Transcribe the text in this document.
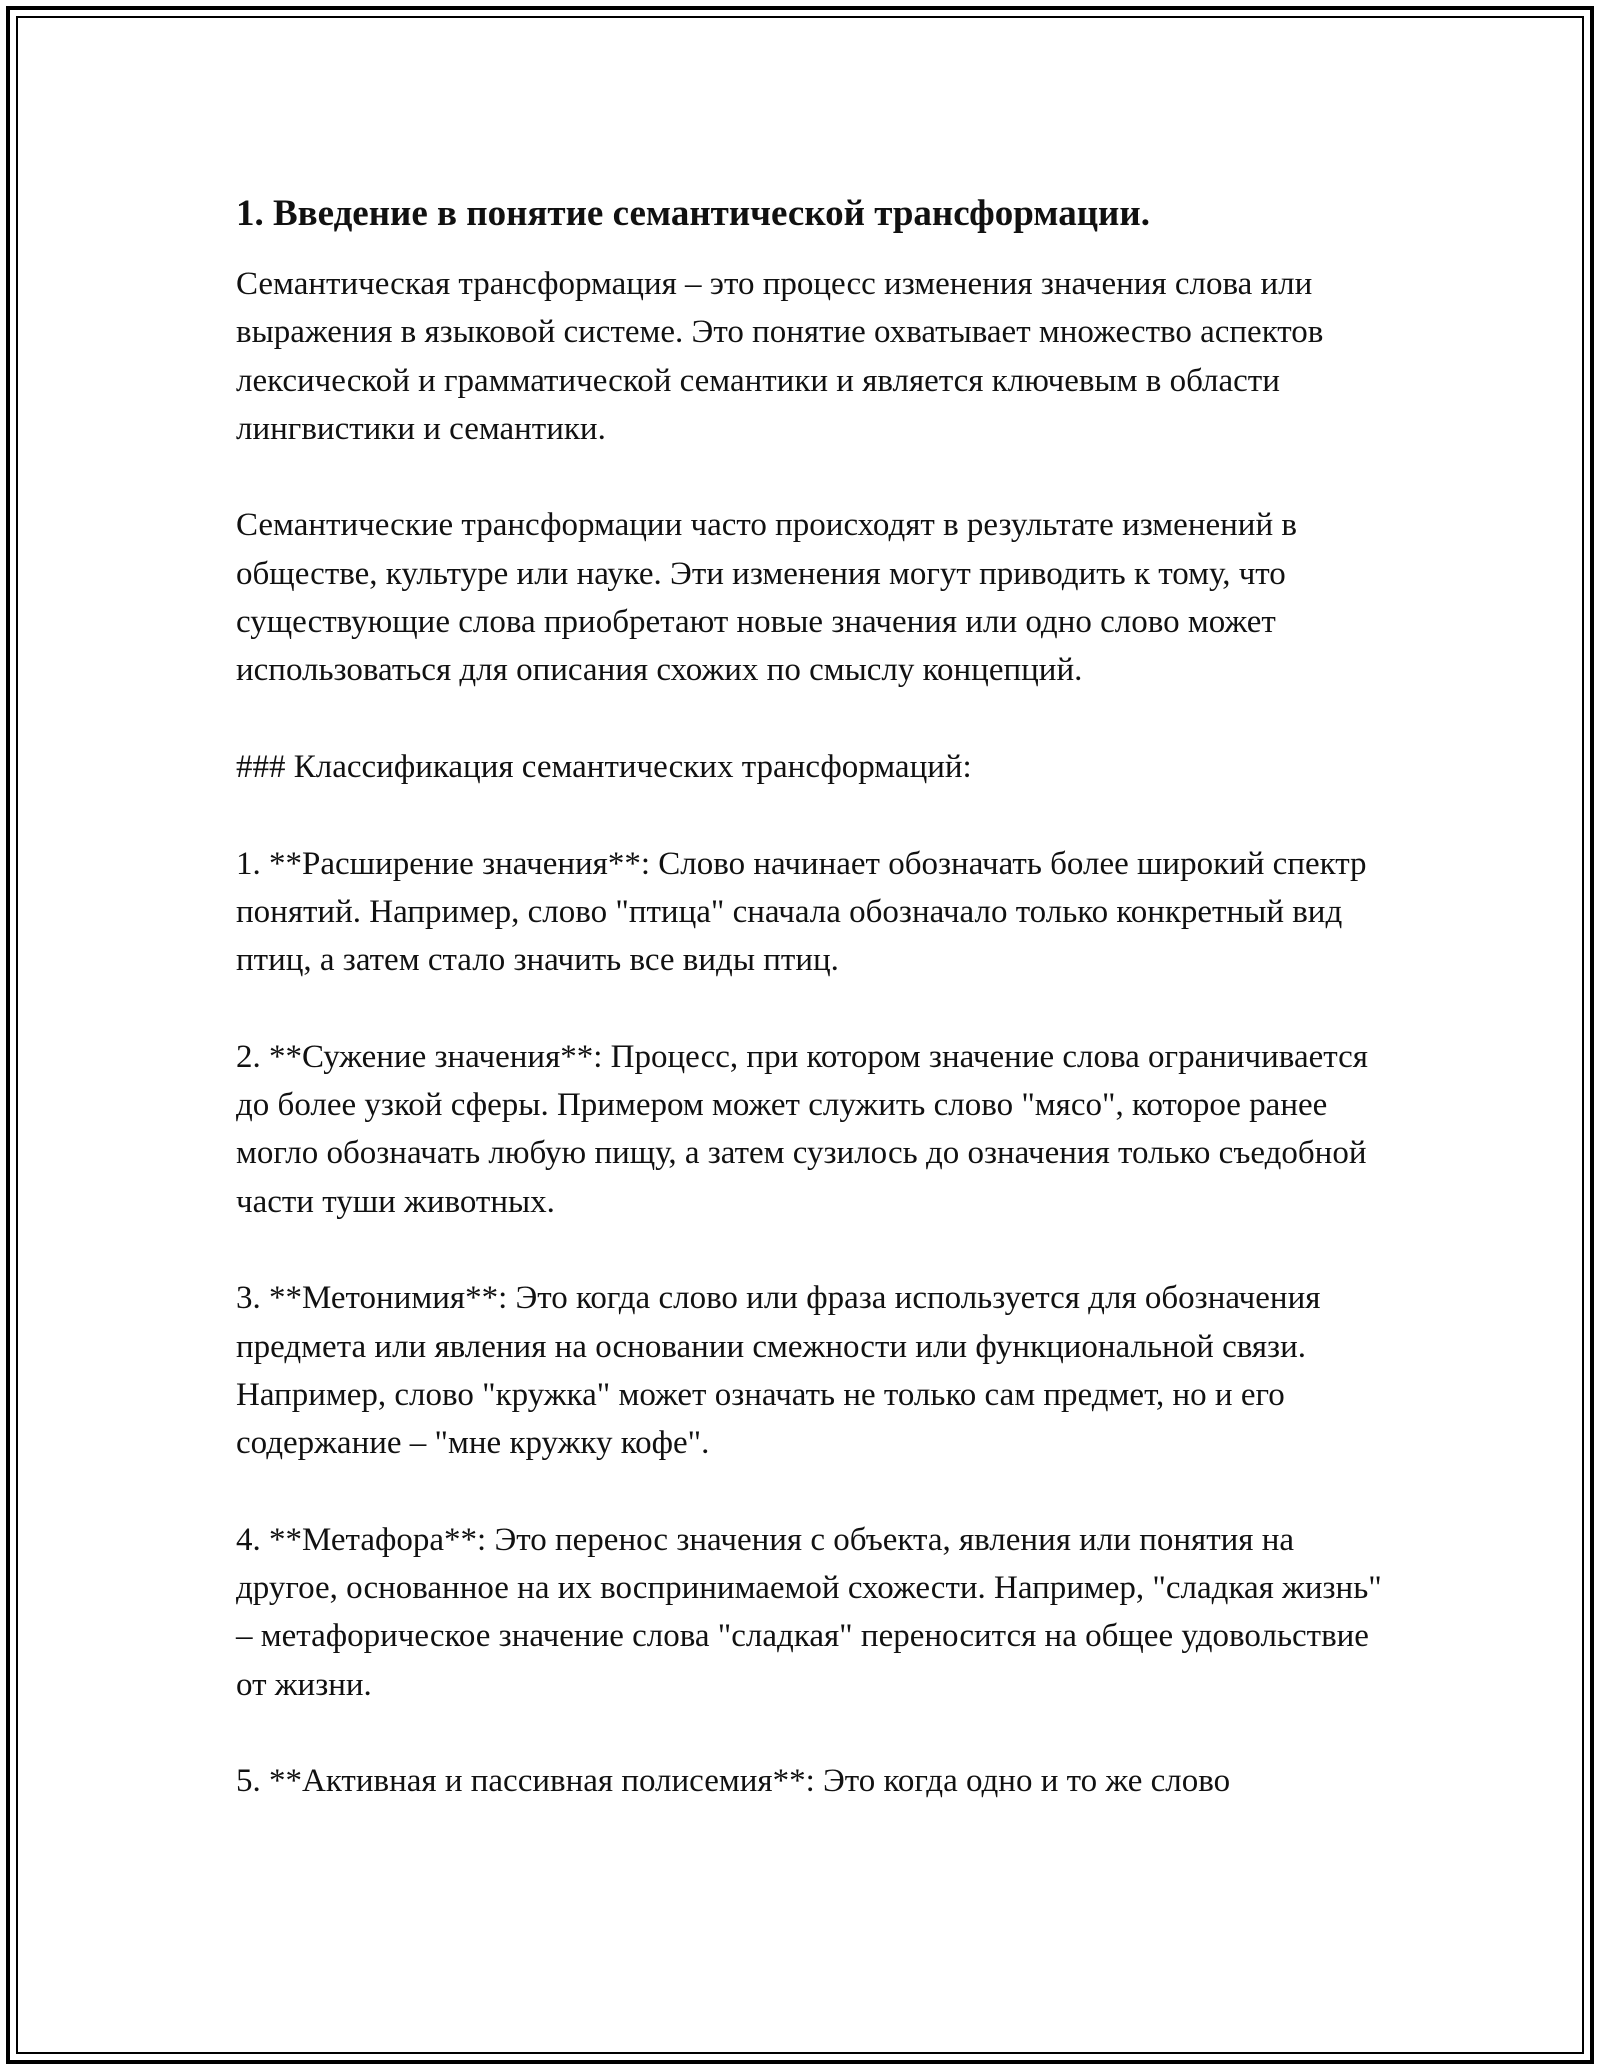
1. Введение в понятие семантической трансформации.

Семантическая трансформация – это процесс изменения значения слова или выражения в языковой системе. Это понятие охватывает множество аспектов лексической и грамматической семантики и является ключевым в области лингвистики и семантики.

Семантические трансформации часто происходят в результате изменений в обществе, культуре или науке. Эти изменения могут приводить к тому, что существующие слова приобретают новые значения или одно слово может использоваться для описания схожих по смыслу концепций.

### Классификация семантических трансформаций:

1. **Расширение значения**: Слово начинает обозначать более широкий спектр понятий. Например, слово "птица" сначала обозначало только конкретный вид птиц, а затем стало значить все виды птиц.

2. **Сужение значения**: Процесс, при котором значение слова ограничивается до более узкой сферы. Примером может служить слово "мясо", которое ранее могло обозначать любую пищу, а затем сузилось до означения только съедобной части туши животных.

3. **Метонимия**: Это когда слово или фраза используется для обозначения предмета или явления на основании смежности или функциональной связи. Например, слово "кружка" может означать не только сам предмет, но и его содержание – "мне кружку кофе".

4. **Метафора**: Это перенос значения с объекта, явления или понятия на другое, основанное на их воспринимаемой схожести. Например, "сладкая жизнь" – метафорическое значение слова "сладкая" переносится на общее удовольствие от жизни.

5. **Активная и пассивная полисемия**: Это когда одно и то же слово
